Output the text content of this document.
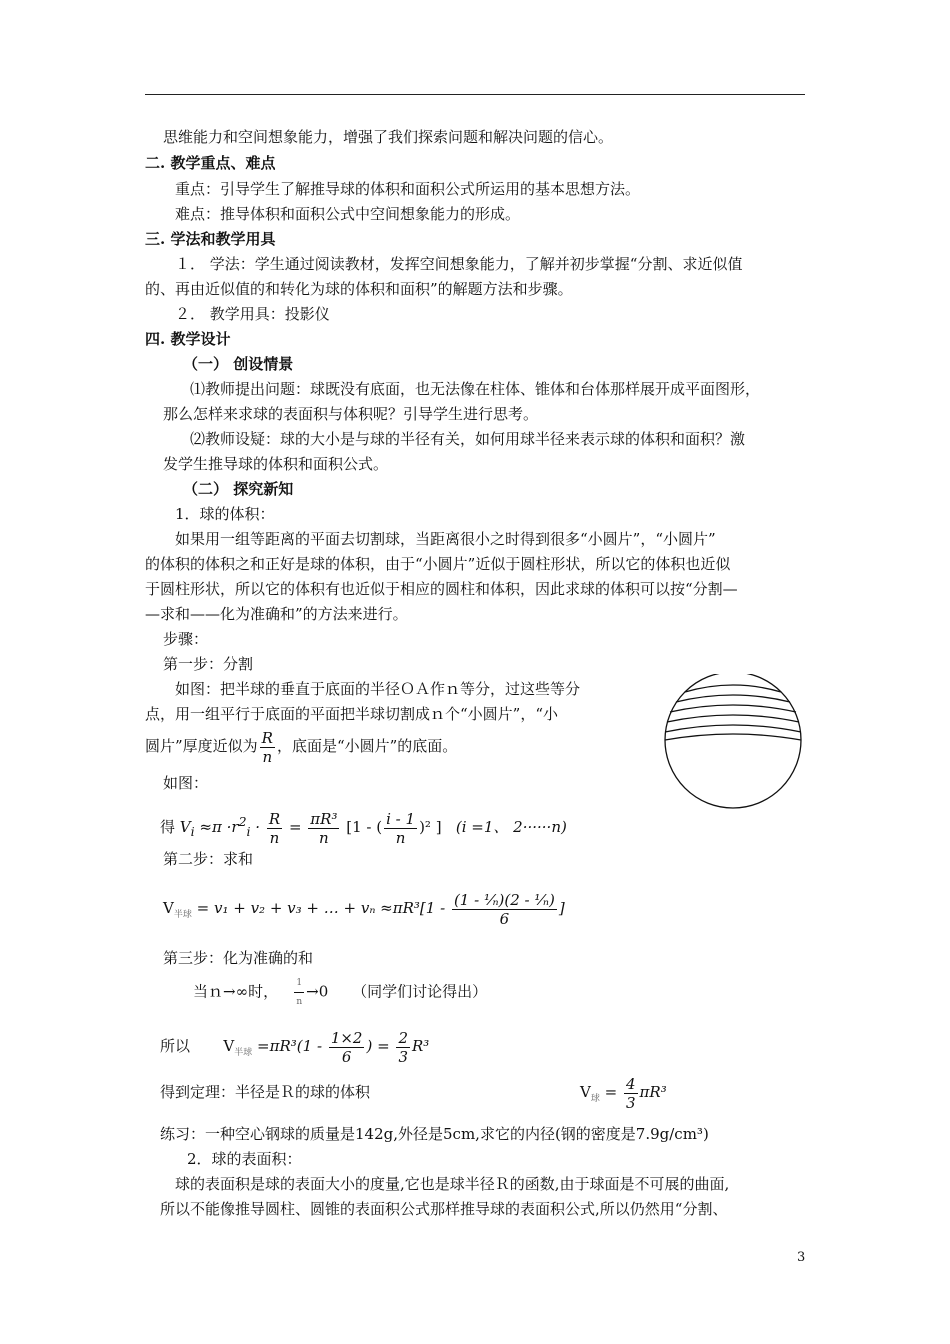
思维能力和空间想象能力，增强了我们探索问题和解决问题的信心。
二. 教学重点、难点
重点：引导学生了解推导球的体积和面积公式所运用的基本思想方法。
难点：推导体积和面积公式中空间想象能力的形成。
三. 学法和教学用具
１． 学法：学生通过阅读教材，发挥空间想象能力，了解并初步掌握“分割、求近似值
的、再由近似值的和转化为球的体积和面积”的解题方法和步骤。
２． 教学用具：投影仪
四. 教学设计
（一） 创设情景
⑴教师提出问题：球既没有底面，也无法像在柱体、锥体和台体那样展开成平面图形，
那么怎样来求球的表面积与体积呢？引导学生进行思考。
⑵教师设疑：球的大小是与球的半径有关，如何用球半径来表示球的体积和面积？激
发学生推导球的体积和面积公式。
（二） 探究新知
1．球的体积：
如果用一组等距离的平面去切割球，当距离很小之时得到很多“小圆片”，“小圆片”
的体积的体积之和正好是球的体积，由于“小圆片”近似于圆柱形状，所以它的体积也近似
于圆柱形状，所以它的体积有也近似于相应的圆柱和体积，因此求球的体积可以按“分割—
—求和——化为准确和”的方法来进行。
步骤：
第一步：分割
如图：把半球的垂直于底面的半径ＯＡ作ｎ等分，过这些等分
点，用一组平行于底面的平面把半球切割成ｎ个“小圆片”，“小
圆片”厚度近似为 $\frac{R}{n}$ ，底面是“小圆片”的底面。
如图：
得 $V_i \approx\pi \cdot r^2_i \cdot \frac{R}{n} = \frac{\text{πR³}}{n} [1$ - ( $\frac{i - 1}{n} )^2$ ] (i =1、 2······n)
第二步：求和
$V_{半球} = v_1 + v_2 + v_3$ + … + $v_n \approx\pi R^3[1 - \frac{\text{(1 - ¹⁄ₙ)(2 - ¹⁄ₙ)}}{6}$ ]
第三步：化为准确的和
当ｎ→∞时， $\frac{1}{n} \to 0$ （同学们讨论得出）
所以 $V_{半球} =\pi R^3(1 - \frac{1\times 2}{6}$ ) = $\frac{2}{3} R^3$
得到定理：半径是Ｒ的球的体积	$V_球 = \frac{4}{3} \pi R^3$
练习：一种空心钢球的质量是142g,外径是5cm,求它的内径(钢的密度是7.9g/cm³)
2．球的表面积：
球的表面积是球的表面大小的度量,它也是球半径Ｒ的函数,由于球面是不可展的曲面,
所以不能像推导圆柱、圆锥的表面积公式那样推导球的表面积公式,所以仍然用“分割、
3
